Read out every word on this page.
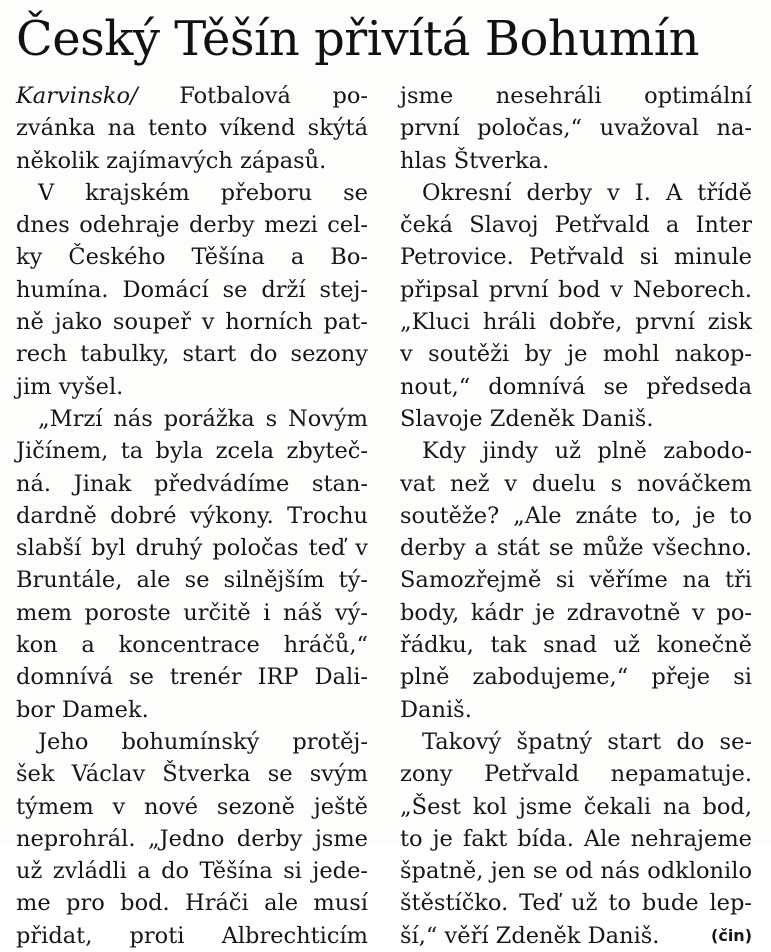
Český Těšín přivítá Bohumín
Karvinsko/ Fotbalová po-
zvánka na tento víkend skýtá
několik zajímavých zápasů.
V krajském přeboru se
dnes odehraje derby mezi cel-
ky Českého Těšína a Bo-
humína. Domácí se drží stej-
ně jako soupeř v horních pat-
rech tabulky, start do sezony
jim vyšel.
„Mrzí nás porážka s Novým
Jičínem, ta byla zcela zbyteč-
ná. Jinak předvádíme stan-
dardně dobré výkony. Trochu
slabší byl druhý poločas teď v
Bruntále, ale se silnějším tý-
mem poroste určitě i náš vý-
kon a koncentrace hráčů,“
domnívá se trenér IRP Dali-
bor Damek.
Jeho bohumínský protěj-
šek Václav Štverka se svým
týmem v nové sezoně ještě
neprohrál. „Jedno derby jsme
už zvládli a do Těšína si jede-
me pro bod. Hráči ale musí
přidat, proti Albrechticím
jsme nesehráli optimální
první poločas,“ uvažoval na-
hlas Štverka.
Okresní derby v I. A třídě
čeká Slavoj Petřvald a Inter
Petrovice. Petřvald si minule
připsal první bod v Neborech.
„Kluci hráli dobře, první zisk
v soutěži by je mohl nakop-
nout,“ domnívá se předseda
Slavoje Zdeněk Daniš.
Kdy jindy už plně zabodo-
vat než v duelu s nováčkem
soutěže? „Ale znáte to, je to
derby a stát se může všechno.
Samozřejmě si věříme na tři
body, kádr je zdravotně v po-
řádku, tak snad už konečně
plně zabodujeme,“ přeje si
Daniš.
Takový špatný start do se-
zony Petřvald nepamatuje.
„Šest kol jsme čekali na bod,
to je fakt bída. Ale nehrajeme
špatně, jen se od nás odklonilo
štěstíčko. Teď už to bude lep-
ší,“ věří Zdeněk Daniš.	(čin)
